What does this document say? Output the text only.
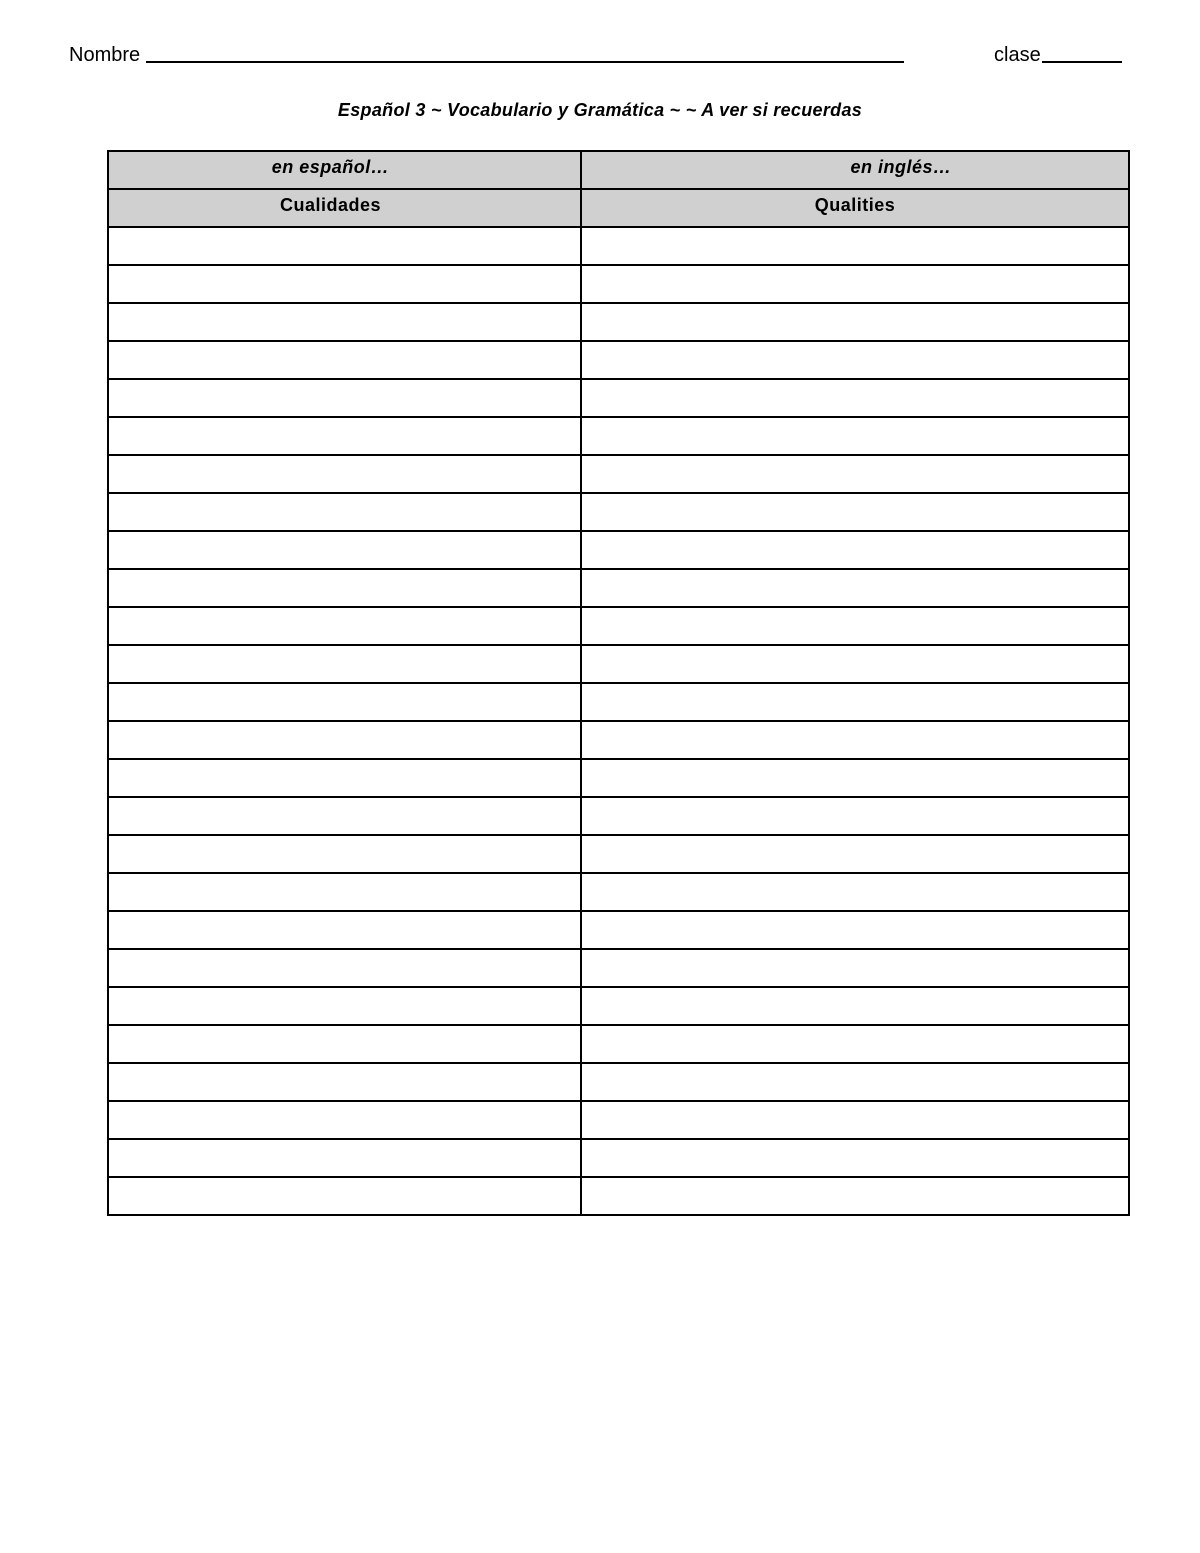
Nombre	clase
Español 3 ~ Vocabulario y Gramática ~ ~ A ver si recuerdas
en español…	en inglés…
Cualidades	Qualities
